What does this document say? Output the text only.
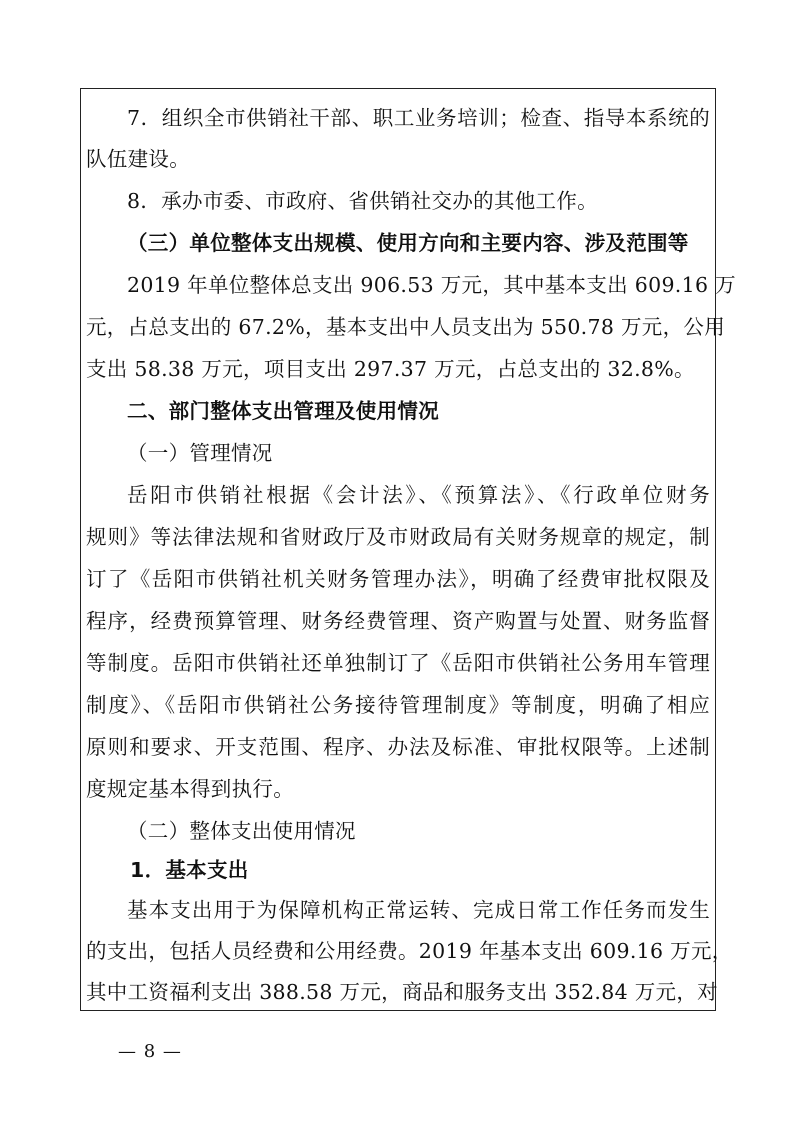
7．组织全市供销社干部、职工业务培训；检查、指导本系统的
队伍建设。
8．承办市委、市政府、省供销社交办的其他工作。
（三）单位整体支出规模、使用方向和主要内容、涉及范围等
2019 年单位整体总支出 906.53 万元，其中基本支出 609.16 万
元，占总支出的 67.2%，基本支出中人员支出为 550.78 万元，公用
支出 58.38 万元，项目支出 297.37 万元，占总支出的 32.8%。
二、部门整体支出管理及使用情况
（一）管理情况
岳阳市供销社根据《会计法》、《预算法》、《行政单位财务
规则》等法律法规和省财政厅及市财政局有关财务规章的规定，制
订了《岳阳市供销社机关财务管理办法》，明确了经费审批权限及
程序，经费预算管理、财务经费管理、资产购置与处置、财务监督
等制度。岳阳市供销社还单独制订了《岳阳市供销社公务用车管理
制度》、《岳阳市供销社公务接待管理制度》等制度，明确了相应
原则和要求、开支范围、程序、办法及标准、审批权限等。上述制
度规定基本得到执行。
（二）整体支出使用情况
1．基本支出
基本支出用于为保障机构正常运转、完成日常工作任务而发生
的支出，包括人员经费和公用经费。2019 年基本支出 609.16 万元，
其中工资福利支出 388.58 万元，商品和服务支出 352.84 万元，对
— 8 —
